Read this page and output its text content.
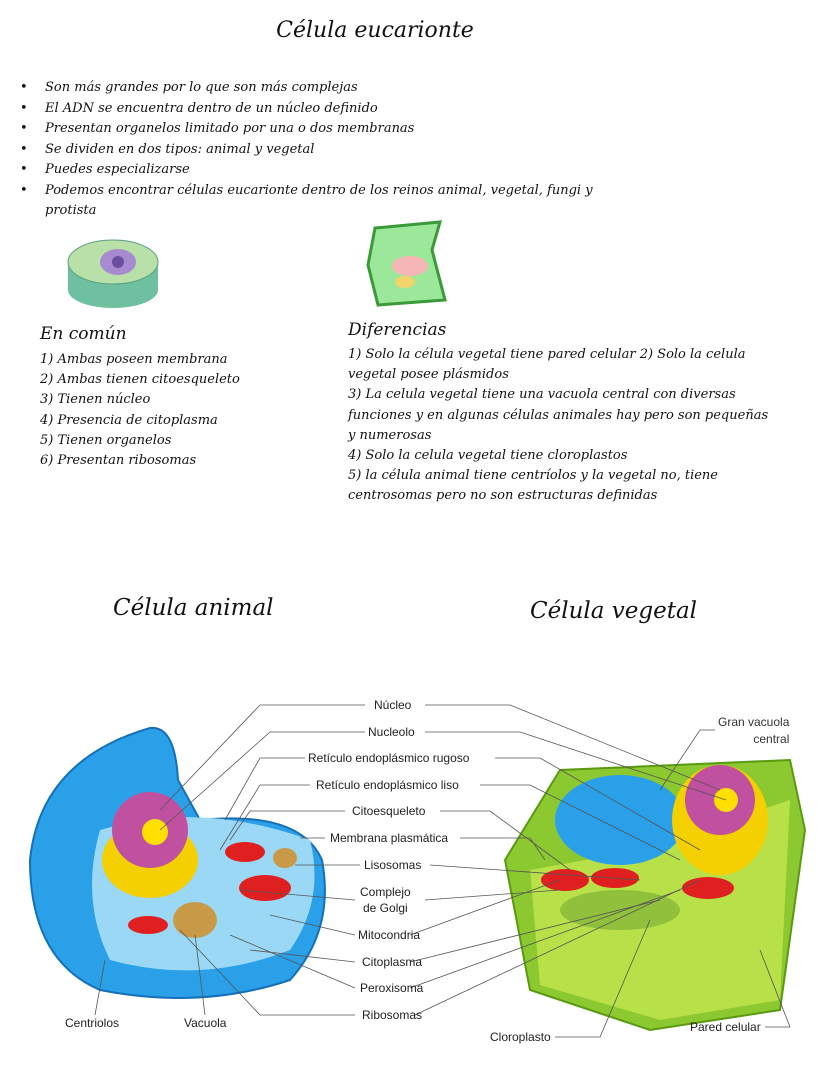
Célula eucarionte
• Son más grandes por lo que son más complejas
• El ADN se encuentra dentro de un núcleo definido
• Presentan organelos limitado por una o dos membranas
• Se dividen en dos tipos: animal y vegetal
• Puedes especializarse
• Podemos encontrar células eucarionte dentro de los reinos animal, vegetal, fungi y protista
En común
1) Ambas poseen membrana
2) Ambas tienen citoesqueleto
3) Tienen núcleo
4) Presencia de citoplasma
5) Tienen organelos
6) Presentan ribosomas
Diferencias
1) Solo la célula vegetal tiene pared celular 2) Solo la celula vegetal posee plásmidos
3) La celula vegetal tiene una vacuola central con diversas funciones y en algunas células animales hay pero son pequeñas y numerosas
4) Solo la celula vegetal tiene cloroplastos
5) la célula animal tiene centríolos y la vegetal no, tiene centrosomas pero no son estructuras definidas
Célula animal	Célula vegetal
Núcleo
Nucleolo
Retículo endoplásmico rugoso
Retículo endoplásmico liso
Citoesqueleto
Membrana plasmática
Lisosomas
Complejo
de Golgi
Mitocondria
Citoplasma
Peroxisoma
Ribosomas
Centriolos	Vacuola
Gran vacuola
central
Cloroplasto
Pared celular
